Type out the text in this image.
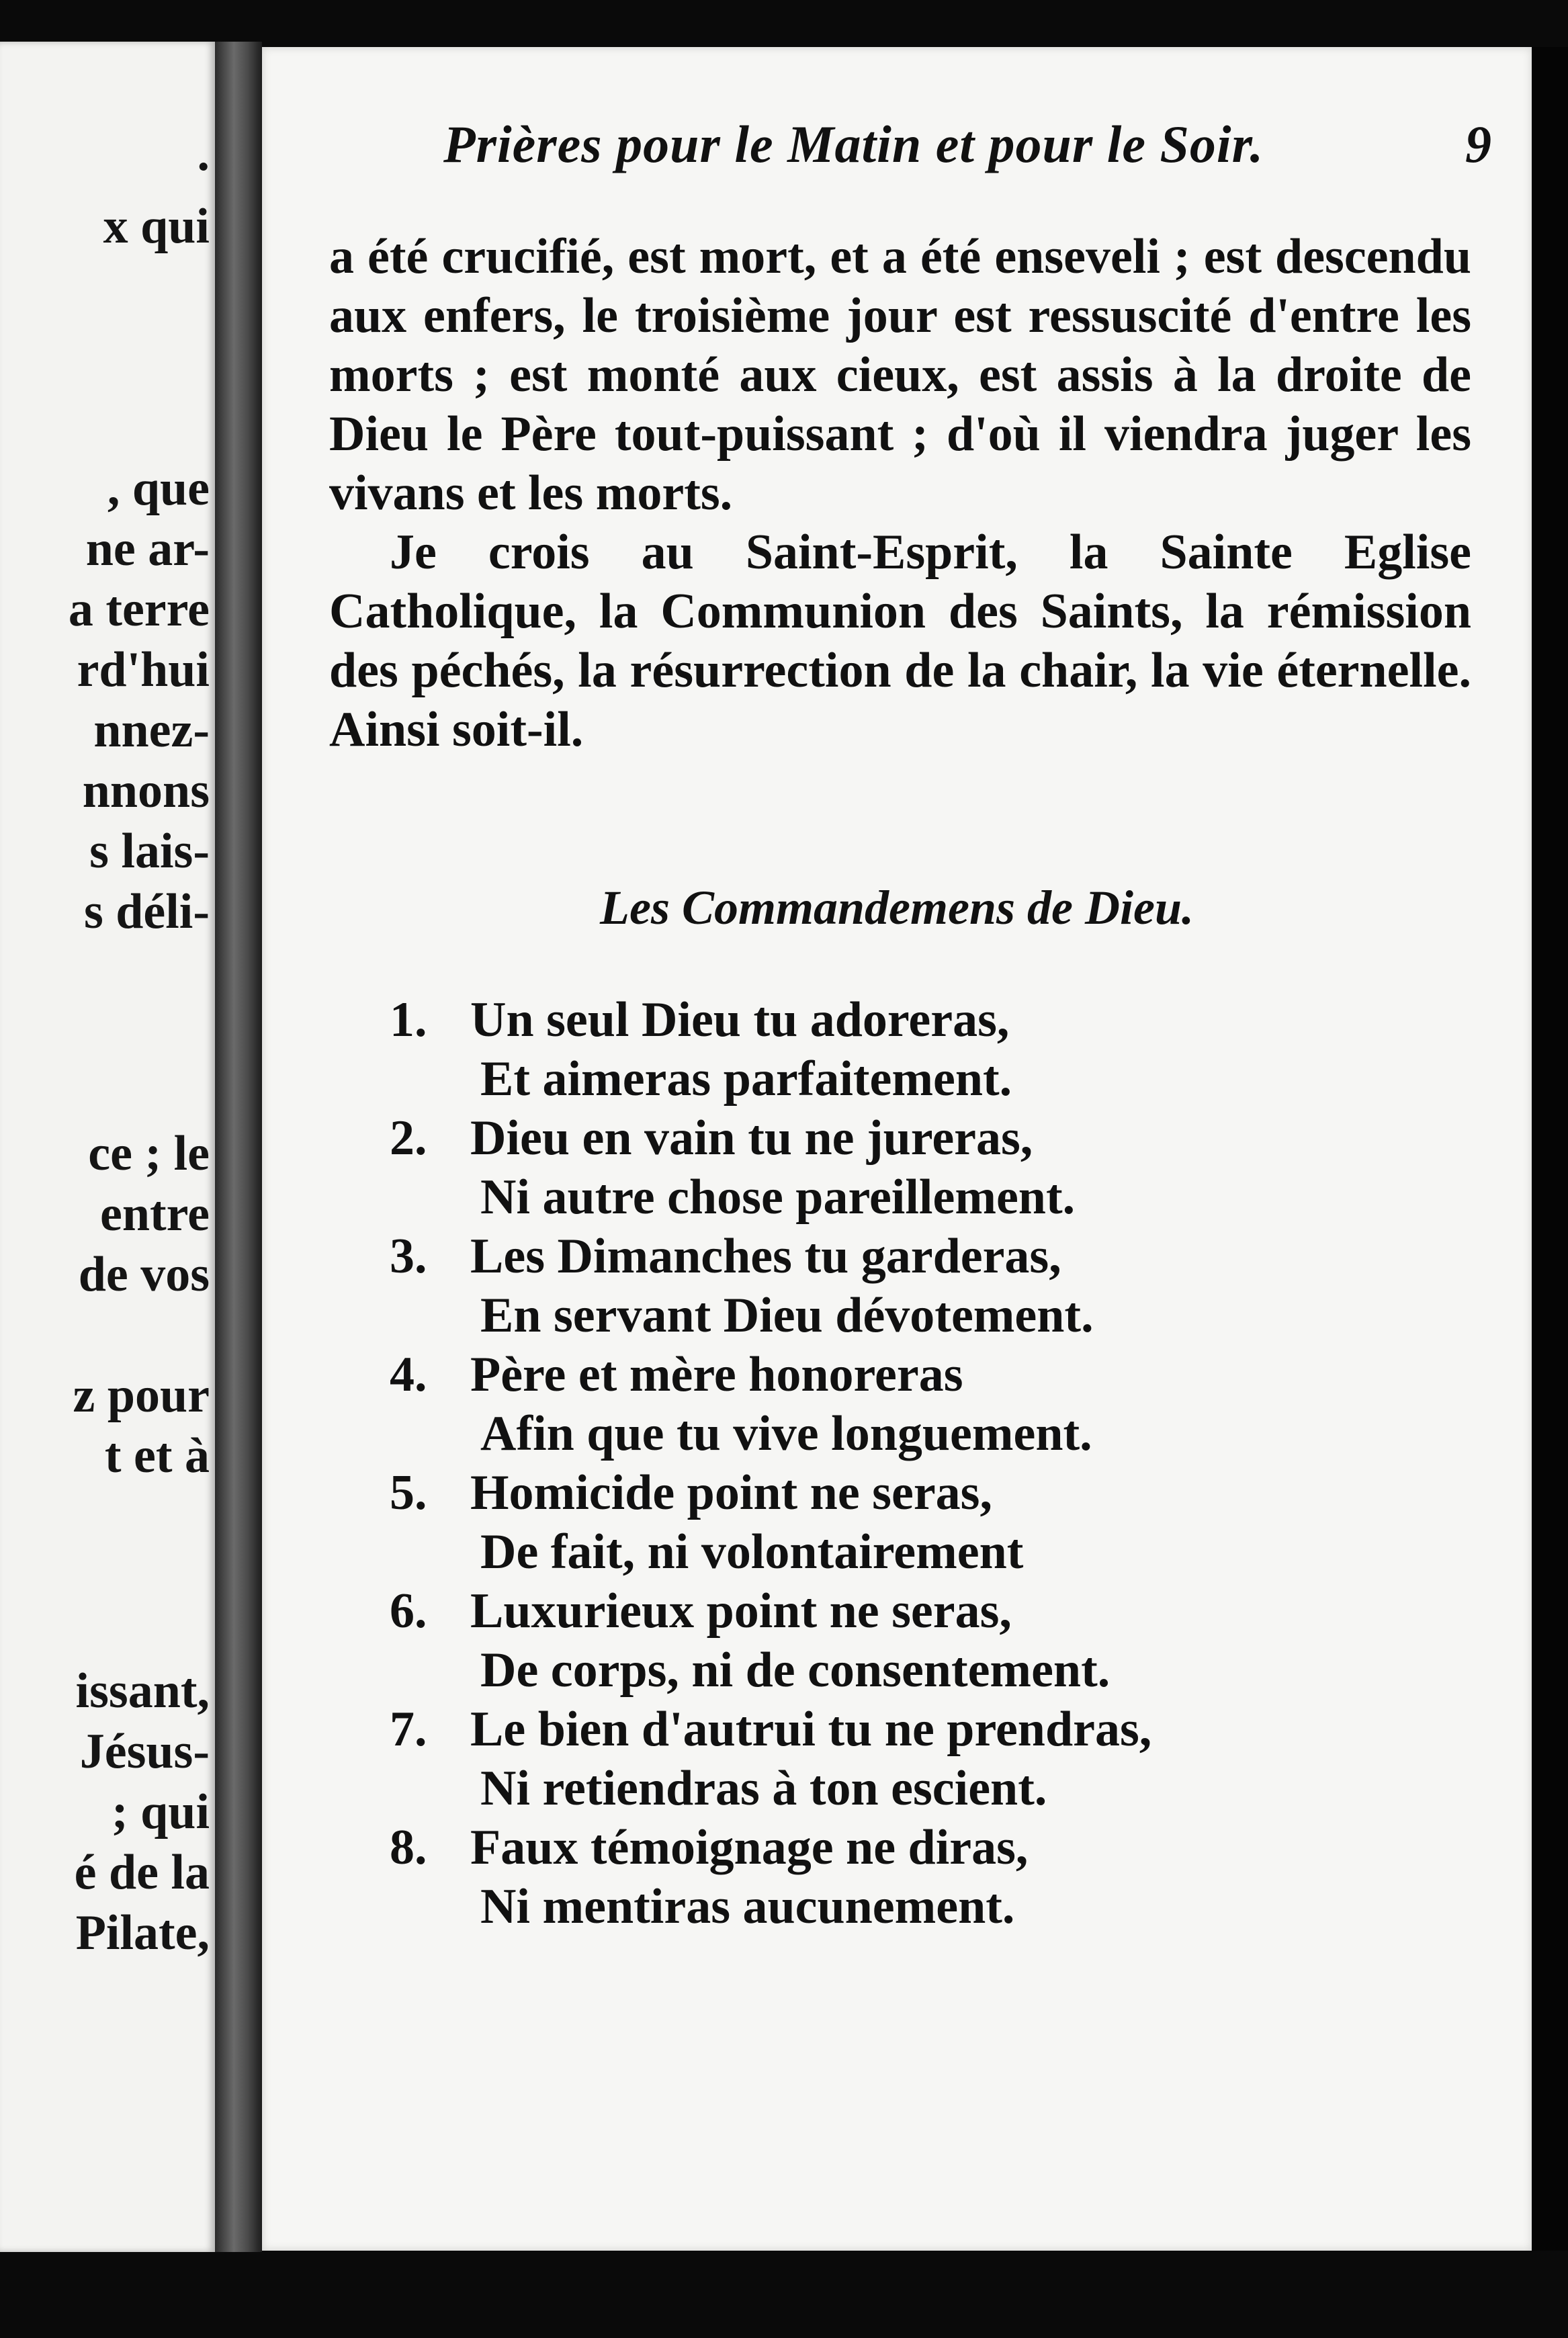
.
x qui
, que
ne ar-
a terre
rd'hui
nnez-
nnons
s lais-
s déli-
ce ; le
entre
de vos
z pour
t et à
issant,
Jésus-
; qui
é de la
Pilate,
Prières pour le Matin et pour le Soir.	9

a été crucifié, est mort, et a été enseveli ; est descendu aux enfers, le troisième jour est ressuscité d'entre les morts ; est monté aux cieux, est assis à la droite de Dieu le Père tout-puissant ; d'où il viendra juger les vivans et les morts.

Je crois au Saint-Esprit, la Sainte Eglise Catholique, la Communion des Saints, la rémission des péchés, la résurrection de la chair, la vie éternelle. Ainsi soit-il.

Les Commandemens de Dieu.
1. Un seul Dieu tu adoreras,
Et aimeras parfaitement.
2. Dieu en vain tu ne jureras,
Ni autre chose pareillement.
3. Les Dimanches tu garderas,
En servant Dieu dévotement.
4. Père et mère honoreras
Afin que tu vive longuement.
5. Homicide point ne seras,
De fait, ni volontairement
6. Luxurieux point ne seras,
De corps, ni de consentement.
7. Le bien d'autrui tu ne prendras,
Ni retiendras à ton escient.
8. Faux témoignage ne diras,
Ni mentiras aucunement.
